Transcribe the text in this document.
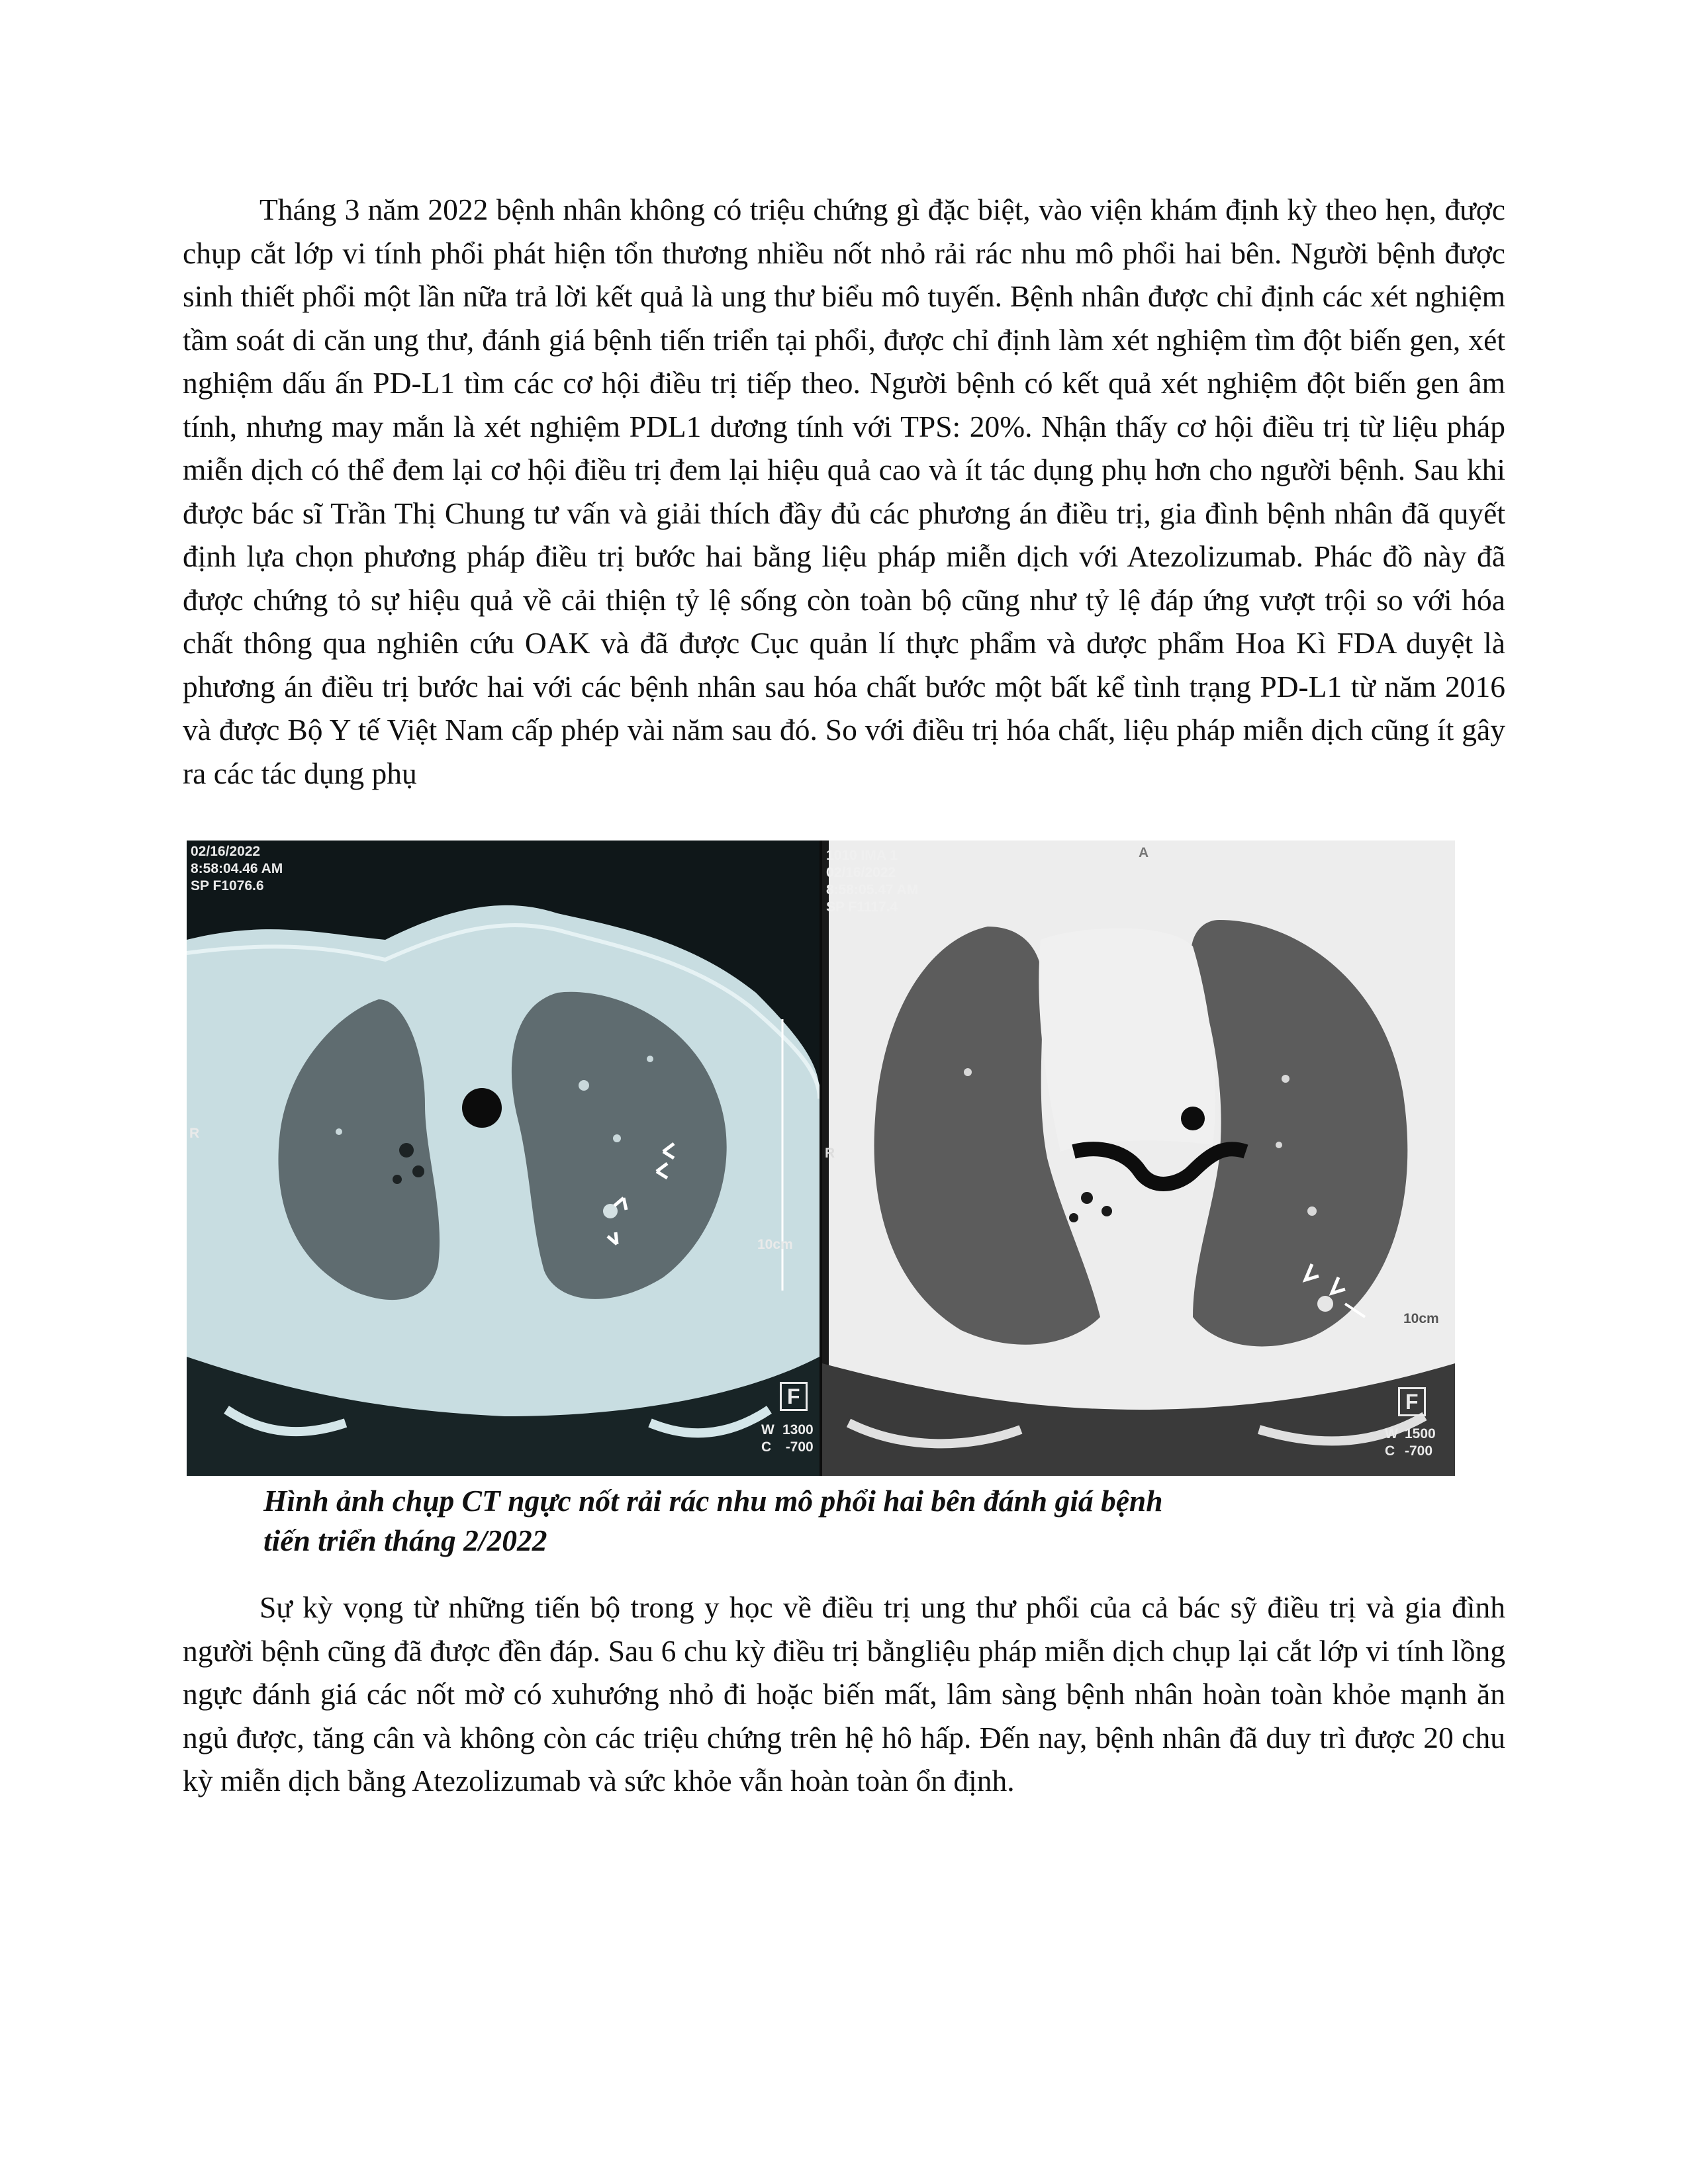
Tháng 3 năm 2022 bệnh nhân không có triệu chứng gì đặc biệt, vào viện khám định kỳ theo hẹn, được chụp cắt lớp vi tính phổi phát hiện tổn thương nhiều nốt nhỏ rải rác nhu mô phổi hai bên. Người bệnh được sinh thiết phổi một lần nữa trả lời kết quả là ung thư biểu mô tuyến. Bệnh nhân được chỉ định các xét nghiệm tầm soát di căn ung thư, đánh giá bệnh tiến triển tại phổi, được chỉ định làm xét nghiệm tìm đột biến gen, xét nghiệm dấu ấn PD-L1 tìm các cơ hội điều trị tiếp theo. Người bệnh có kết quả xét nghiệm đột biến gen âm tính, nhưng may mắn là xét nghiệm PDL1 dương tính với TPS: 20%. Nhận thấy cơ hội điều trị từ liệu pháp miễn dịch có thể đem lại cơ hội điều trị đem lại hiệu quả cao và ít tác dụng phụ hơn cho người bệnh. Sau khi được bác sĩ Trần Thị Chung tư vấn và giải thích đầy đủ các phương án điều trị, gia đình bệnh nhân đã quyết định lựa chọn phương pháp điều trị bước hai bằng liệu pháp miễn dịch với Atezolizumab. Phác đồ này đã được chứng tỏ sự hiệu quả về cải thiện tỷ lệ sống còn toàn bộ cũng như tỷ lệ đáp ứng vượt trội so với hóa chất thông qua nghiên cứu OAK và đã được Cục quản lí thực phẩm và dược phẩm Hoa Kì FDA duyệt là phương án điều trị bước hai với các bệnh nhân sau hóa chất bước một bất kể tình trạng PD-L1 từ năm 2016 và được Bộ Y tế Việt Nam cấp phép vài năm sau đó. So với điều trị hóa chất, liệu pháp miễn dịch cũng ít gây ra các tác dụng phụ

02/16/2022
8:58:04.46 AM
SP F1076.6
R
10cm
F
1300
-700
W
C
1010 IMA 1
02/16/2022
8:58:05.47 AM
SP F1117.4
A
R
10cm
F
1500
-700
W
C

Hình ảnh chụp CT ngực nốt rải rác nhu mô phổi hai bên đánh giá bệnh
tiến triển tháng 2/2022

Sự kỳ vọng từ những tiến bộ trong y học về điều trị ung thư phổi của cả bác sỹ điều trị và gia đình người bệnh cũng đã được đền đáp. Sau 6 chu kỳ điều trị bằngliệu pháp miễn dịch chụp lại cắt lớp vi tính lồng ngực đánh giá các nốt mờ có xuhướng nhỏ đi hoặc biến mất, lâm sàng bệnh nhân hoàn toàn khỏe mạnh ăn ngủ được, tăng cân và không còn các triệu chứng trên hệ hô hấp. Đến nay, bệnh nhân đã duy trì được 20 chu kỳ miễn dịch bằng Atezolizumab và sức khỏe vẫn hoàn toàn ổn định.
